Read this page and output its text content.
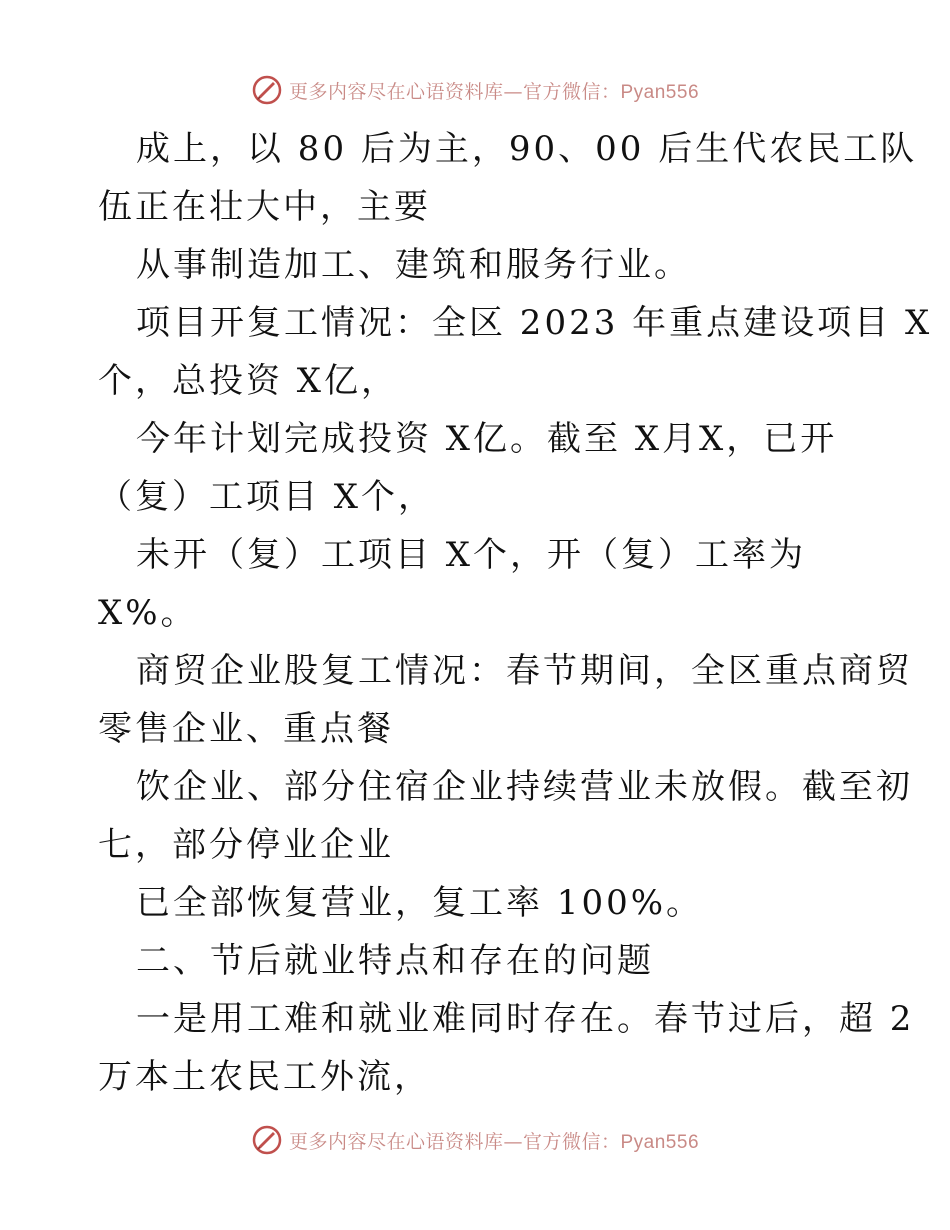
更多内容尽在心语资料库—官方微信：Pyan556
成上，以 80 后为主，90、00 后生代农民工队
伍正在壮大中，主要
从事制造加工、建筑和服务行业。
项目开复工情况：全区 2023 年重点建设项目 X
个，总投资 X亿，
今年计划完成投资 X亿。截至 X月X，已开
（复）工项目 X个，
未开（复）工项目 X个，开（复）工率为
X%。
商贸企业股复工情况：春节期间，全区重点商贸
零售企业、重点餐
饮企业、部分住宿企业持续营业未放假。截至初
七，部分停业企业
已全部恢复营业，复工率 100%。
二、节后就业特点和存在的问题
一是用工难和就业难同时存在。春节过后，超 2
万本土农民工外流，
更多内容尽在心语资料库—官方微信：Pyan556
